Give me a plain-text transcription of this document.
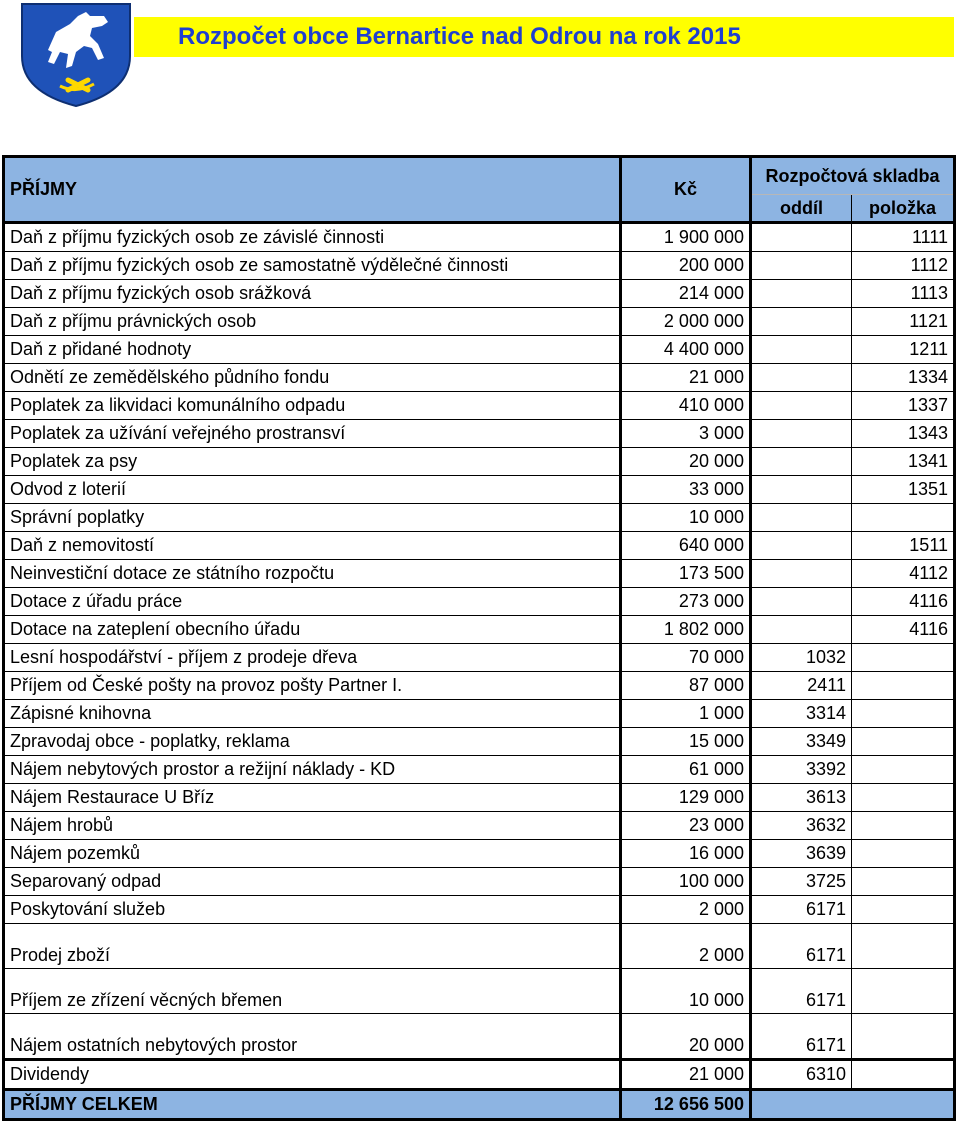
Rozpočet obce Bernartice nad Odrou na rok 2015
PŘÍJMY	Kč	Rozpočtová skladba	
		oddíl	položka
Daň z příjmu fyzických osob ze závislé činnosti	1 900 000		1111
Daň z příjmu fyzických osob ze samostatně výdělečné činnosti	200 000		1112
Daň z příjmu fyzických osob srážková	214 000		1113
Daň z příjmu právnických osob	2 000 000		1121
Daň z přidané hodnoty	4 400 000		1211
Odnětí ze zemědělského půdního fondu	21 000		1334
Poplatek za likvidaci komunálního odpadu	410 000		1337
Poplatek za užívání veřejného prostransví	3 000		1343
Poplatek za psy	20 000		1341
Odvod z loterií	33 000		1351
Správní poplatky	10 000		
Daň z nemovitostí	640 000		1511
Neinvestiční dotace ze státního rozpočtu	173 500		4112
Dotace z úřadu práce	273 000		4116
Dotace na zateplení obecního úřadu	1 802 000		4116
Lesní hospodářství - příjem z prodeje dřeva	70 000	1032	
Příjem od České pošty na provoz pošty Partner I.	87 000	2411	
Zápisné knihovna	1 000	3314	
Zpravodaj obce - poplatky, reklama	15 000	3349	
Nájem nebytových prostor a režijní náklady - KD	61 000	3392	
Nájem Restaurace U Bříz	129 000	3613	
Nájem hrobů	23 000	3632	
Nájem pozemků	16 000	3639	
Separovaný odpad	100 000	3725	
Poskytování služeb	2 000	6171	
Prodej zboží	2 000	6171	
Příjem ze zřízení věcných břemen	10 000	6171	
Nájem ostatních nebytových prostor	20 000	6171	
Dividendy	21 000	6310	
PŘÍJMY CELKEM	12 656 500		
